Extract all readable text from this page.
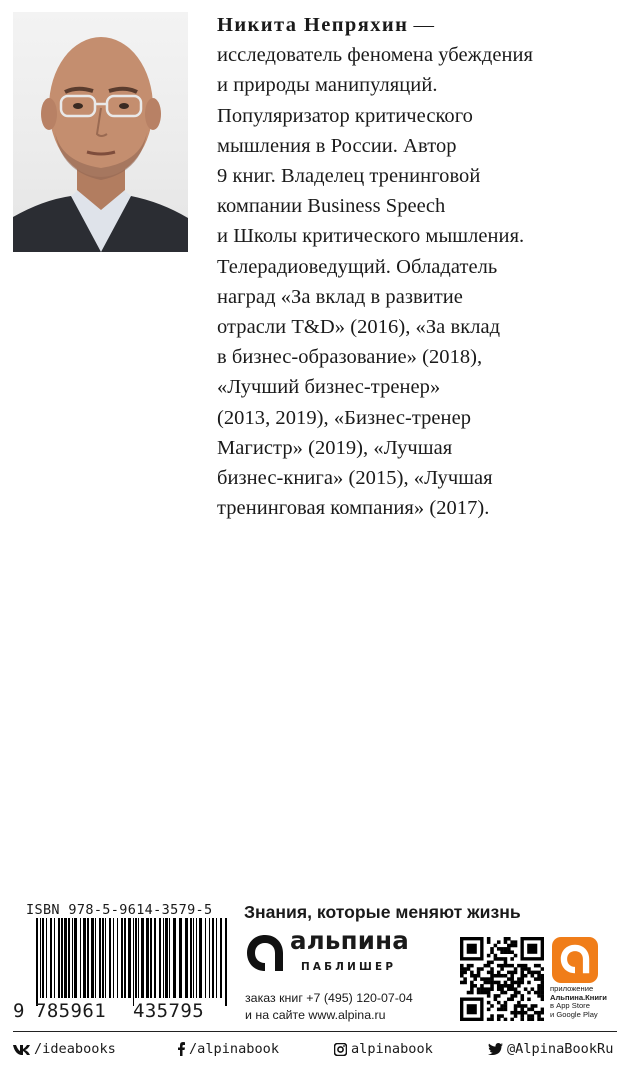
Никита Непряхин —
исследователь феномена убеждения
и природы манипуляций.
Популяризатор критического
мышления в России. Автор
9 книг. Владелец тренинговой
компании Business Speech
и Школы критического мышления.
Телерадиоведущий. Обладатель
наград «За вклад в развитие
отрасли T&D» (2016), «За вклад
в бизнес-образование» (2018),
«Лучший бизнес-тренер»
(2013, 2019), «Бизнес-тренер
Магистр» (2019), «Лучшая
бизнес-книга» (2015), «Лучшая
тренинговая компания» (2017).
ISBN 978-5-9614-3579-5
9 785961 435795
Знания, которые меняют жизнь
альпина
ПАБЛИШЕР
заказ книг +7 (495) 120-07-04
и на сайте www.alpina.ru
приложение
Альпина.Книги
в App Store
и Google Play
/ideabooks	/alpinabook	alpinabook	@AlpinaBookRu
